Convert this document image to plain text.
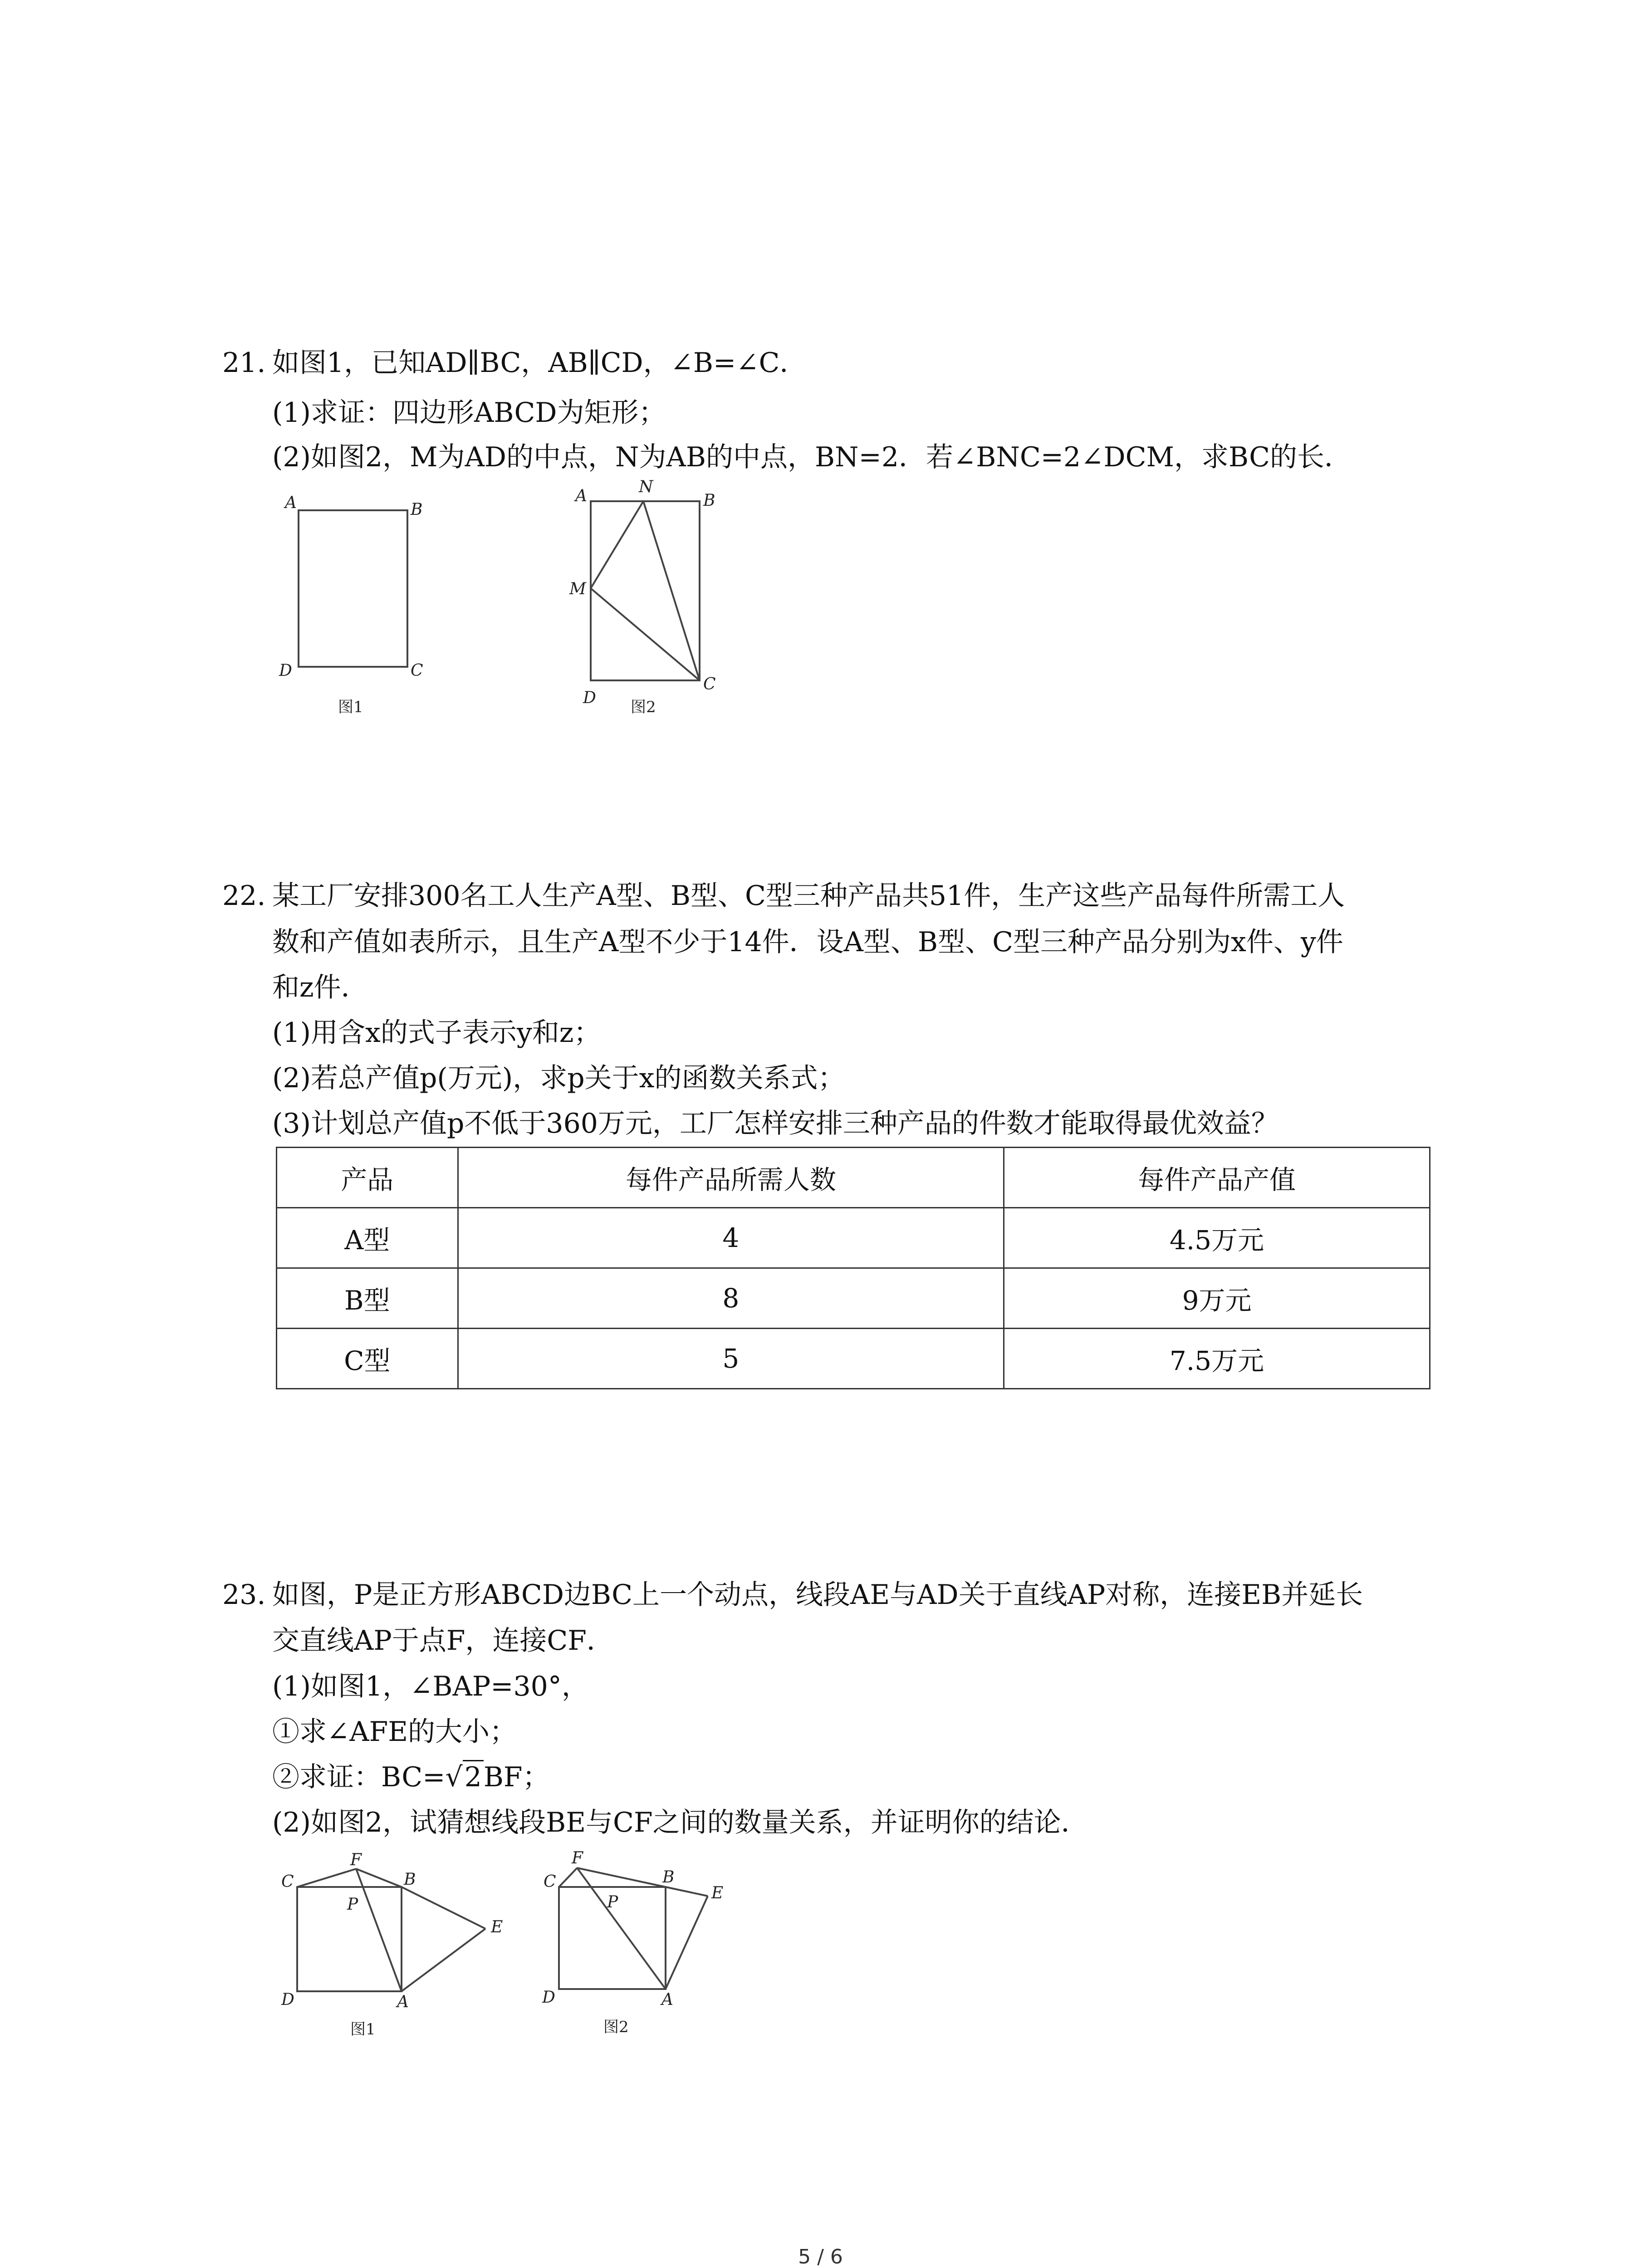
21. 如图1，已知AD∥BC，AB∥CD，∠B=∠C．
(1)求证：四边形ABCD为矩形；
(2)如图2，M为AD的中点，N为AB的中点，BN=2．若∠BNC=2∠DCM，求BC的长．
A	B
C
D
图1
A	N
B
M
C
D 图2
22. 某工厂安排300名工人生产A型、B型、C型三种产品共51件，生产这些产品每件所需工人
数和产值如表所示，且生产A型不少于14件．设A型、B型、C型三种产品分别为x件、y件
和z件．
(1)用含x的式子表示y和z；
(2)若总产值p(万元)，求p关于x的函数关系式；
(3)计划总产值p不低于360万元，工厂怎样安排三种产品的件数才能取得最优效益？
产品	每件产品所需人数	每件产品产值
A型	4	4.5万元
B型	8	9万元
C型	5	7.5万元
23. 如图，P是正方形ABCD边BC上一个动点，线段AE与AD关于直线AP对称，连接EB并延长
交直线AP于点F，连接CF．
(1)如图1，∠BAP=30°，
①求∠AFE的大小；
②求证：BC=√2BF；
(2)如图2，试猜想线段BE与CF之间的数量关系，并证明你的结论．
C
F
B
P
E
D	A
图1
C
F
B
P	E
D	A
图2
5 / 6
